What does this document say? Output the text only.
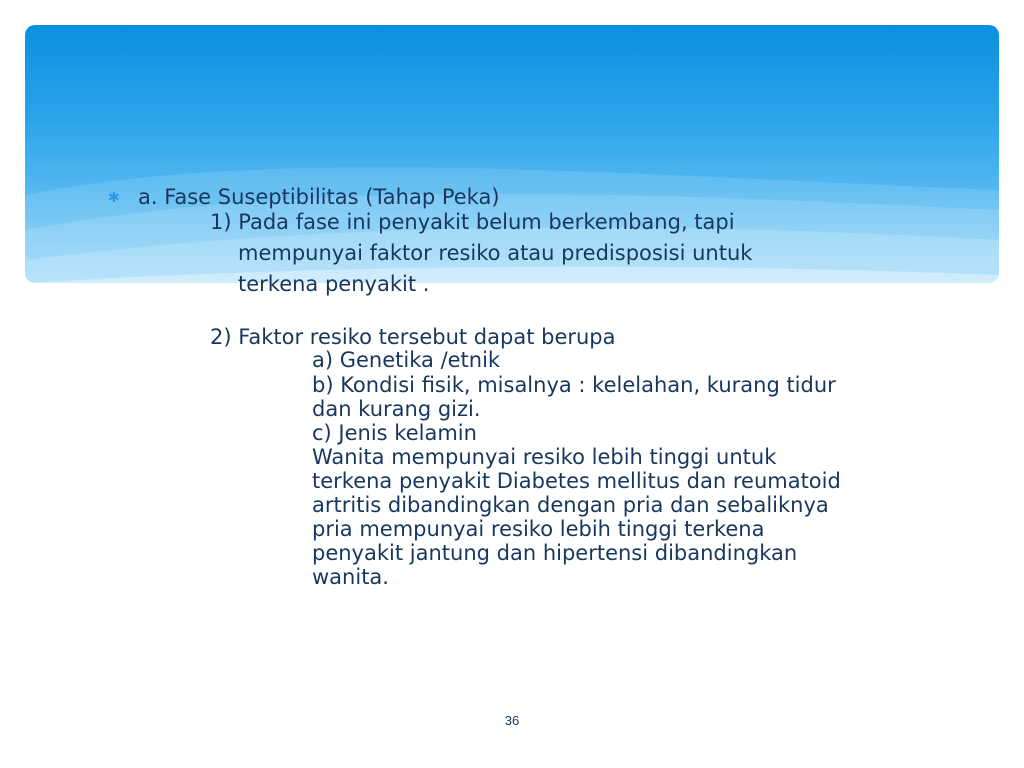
✱ a. Fase Suseptibilitas (Tahap Peka)
1) Pada fase ini penyakit belum berkembang, tapi
mempunyai faktor resiko atau predisposisi untuk
terkena penyakit .
2) Faktor resiko tersebut dapat berupa
a) Genetika /etnik
b) Kondisi fisik, misalnya : kelelahan, kurang tidur
dan kurang gizi.
c) Jenis kelamin
Wanita mempunyai resiko lebih tinggi untuk
terkena penyakit Diabetes mellitus dan reumatoid
artritis dibandingkan dengan pria dan sebaliknya
pria mempunyai resiko lebih tinggi terkena
penyakit jantung dan hipertensi dibandingkan
wanita.
36
